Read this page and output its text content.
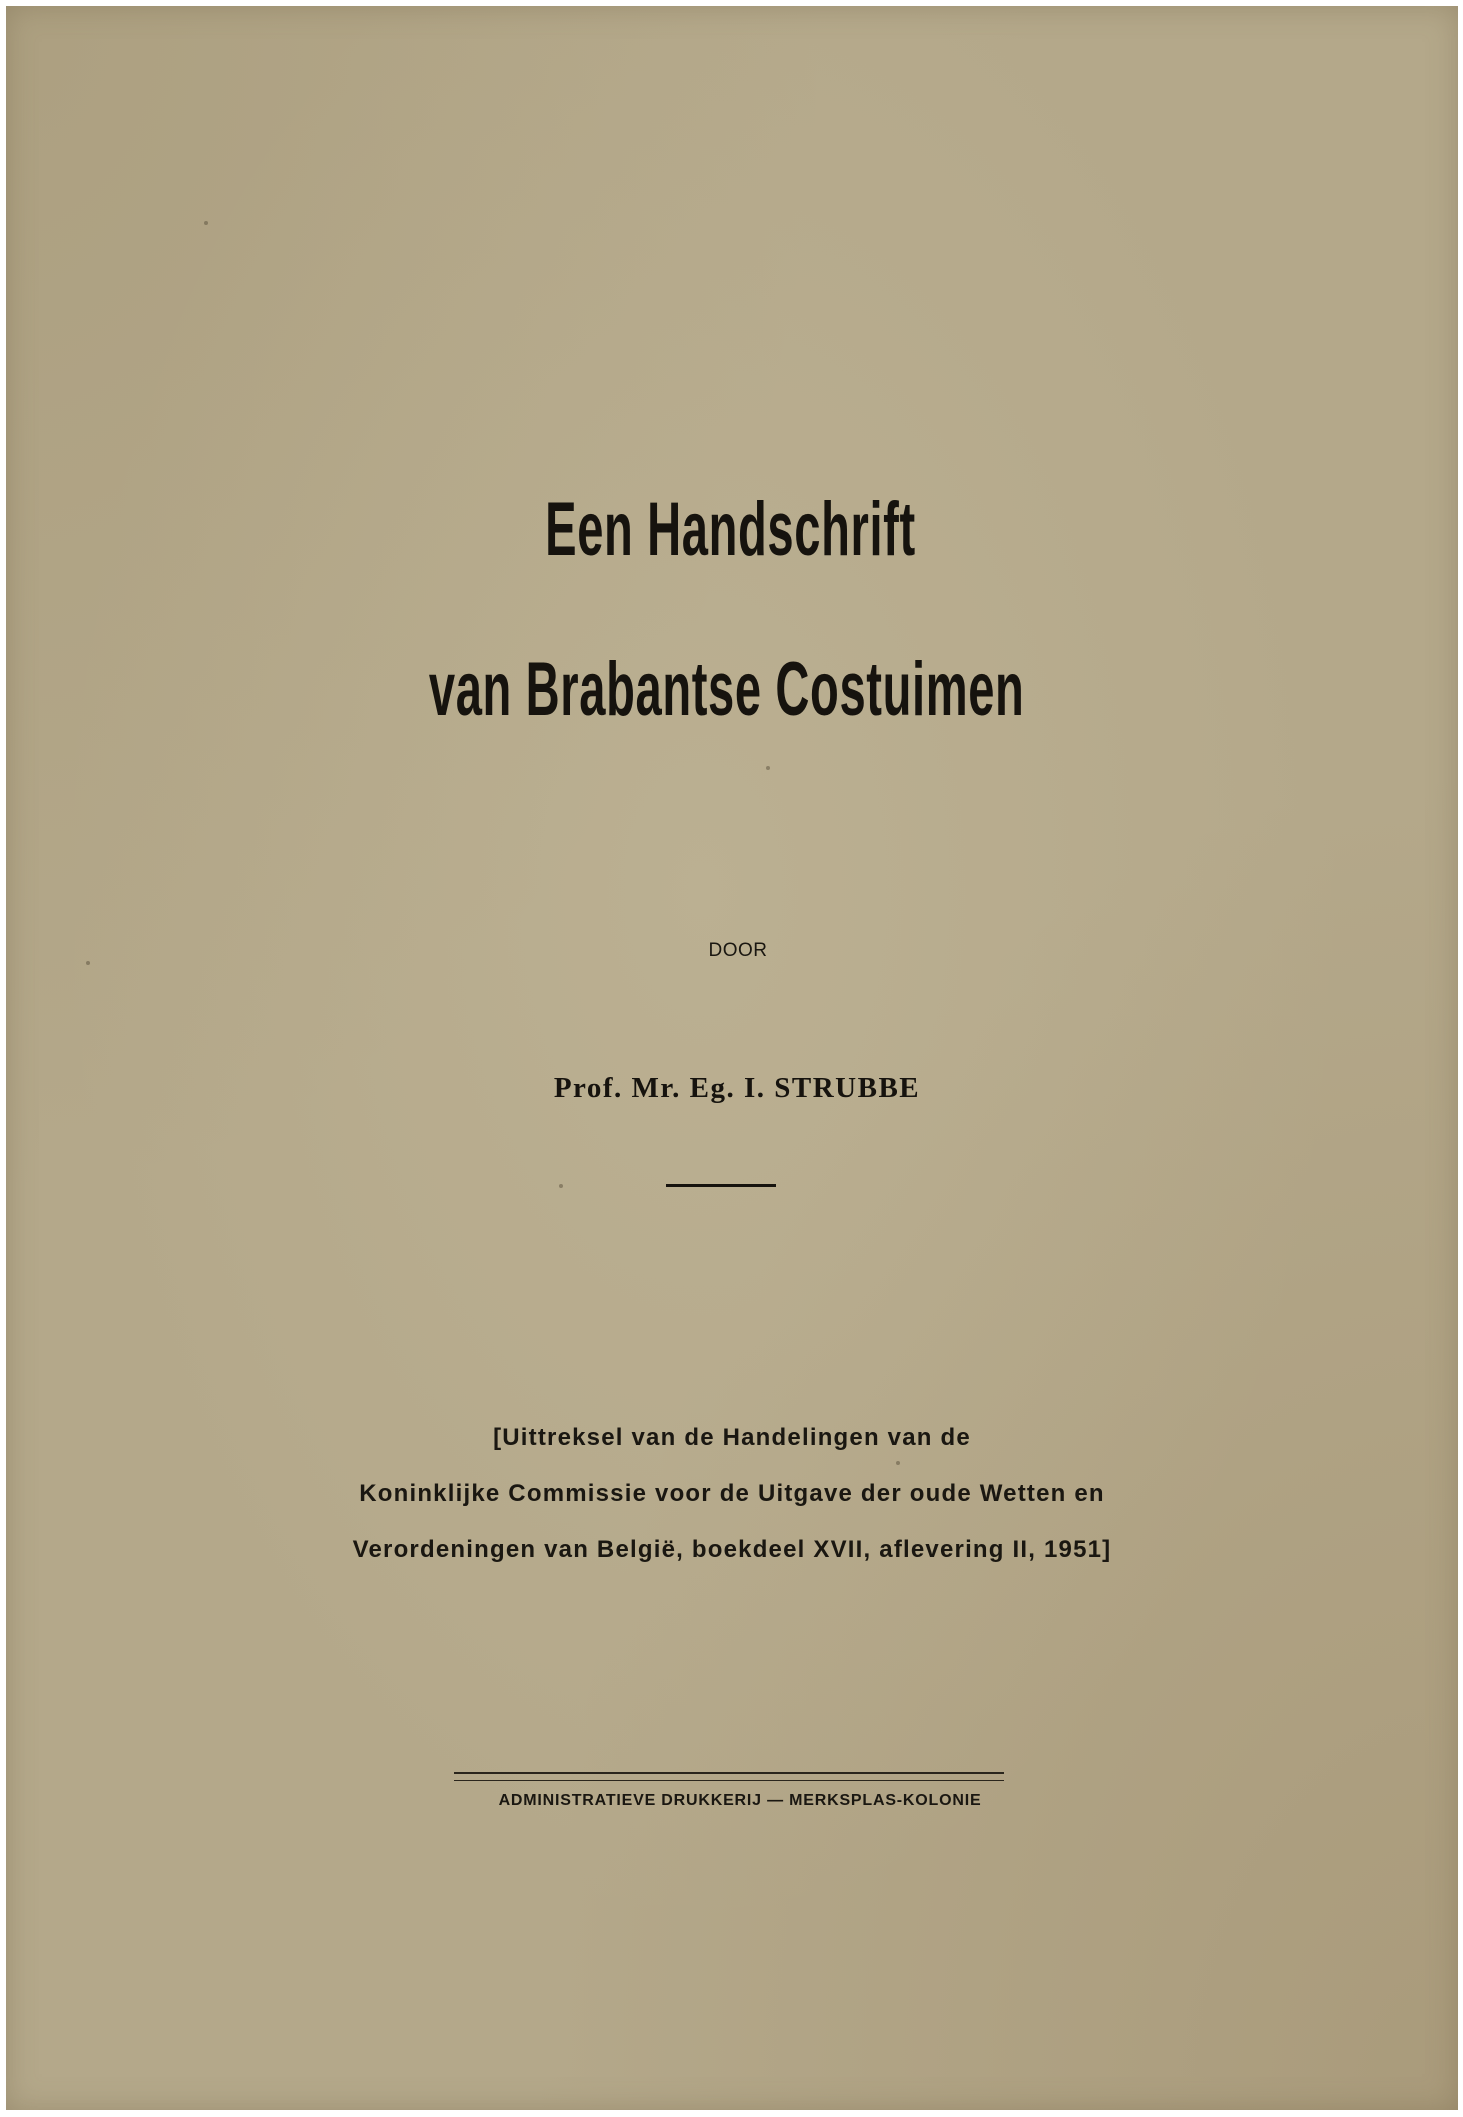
Een Handschrift
van Brabantse Costuimen
DOOR
Prof. Mr. Eg. I. STRUBBE
[Uittreksel van de Handelingen van de
Koninklijke Commissie voor de Uitgave der oude Wetten en
Verordeningen van België, boekdeel XVII, aflevering II, 1951]
ADMINISTRATIEVE DRUKKERIJ — MERKSPLAS-KOLONIE
